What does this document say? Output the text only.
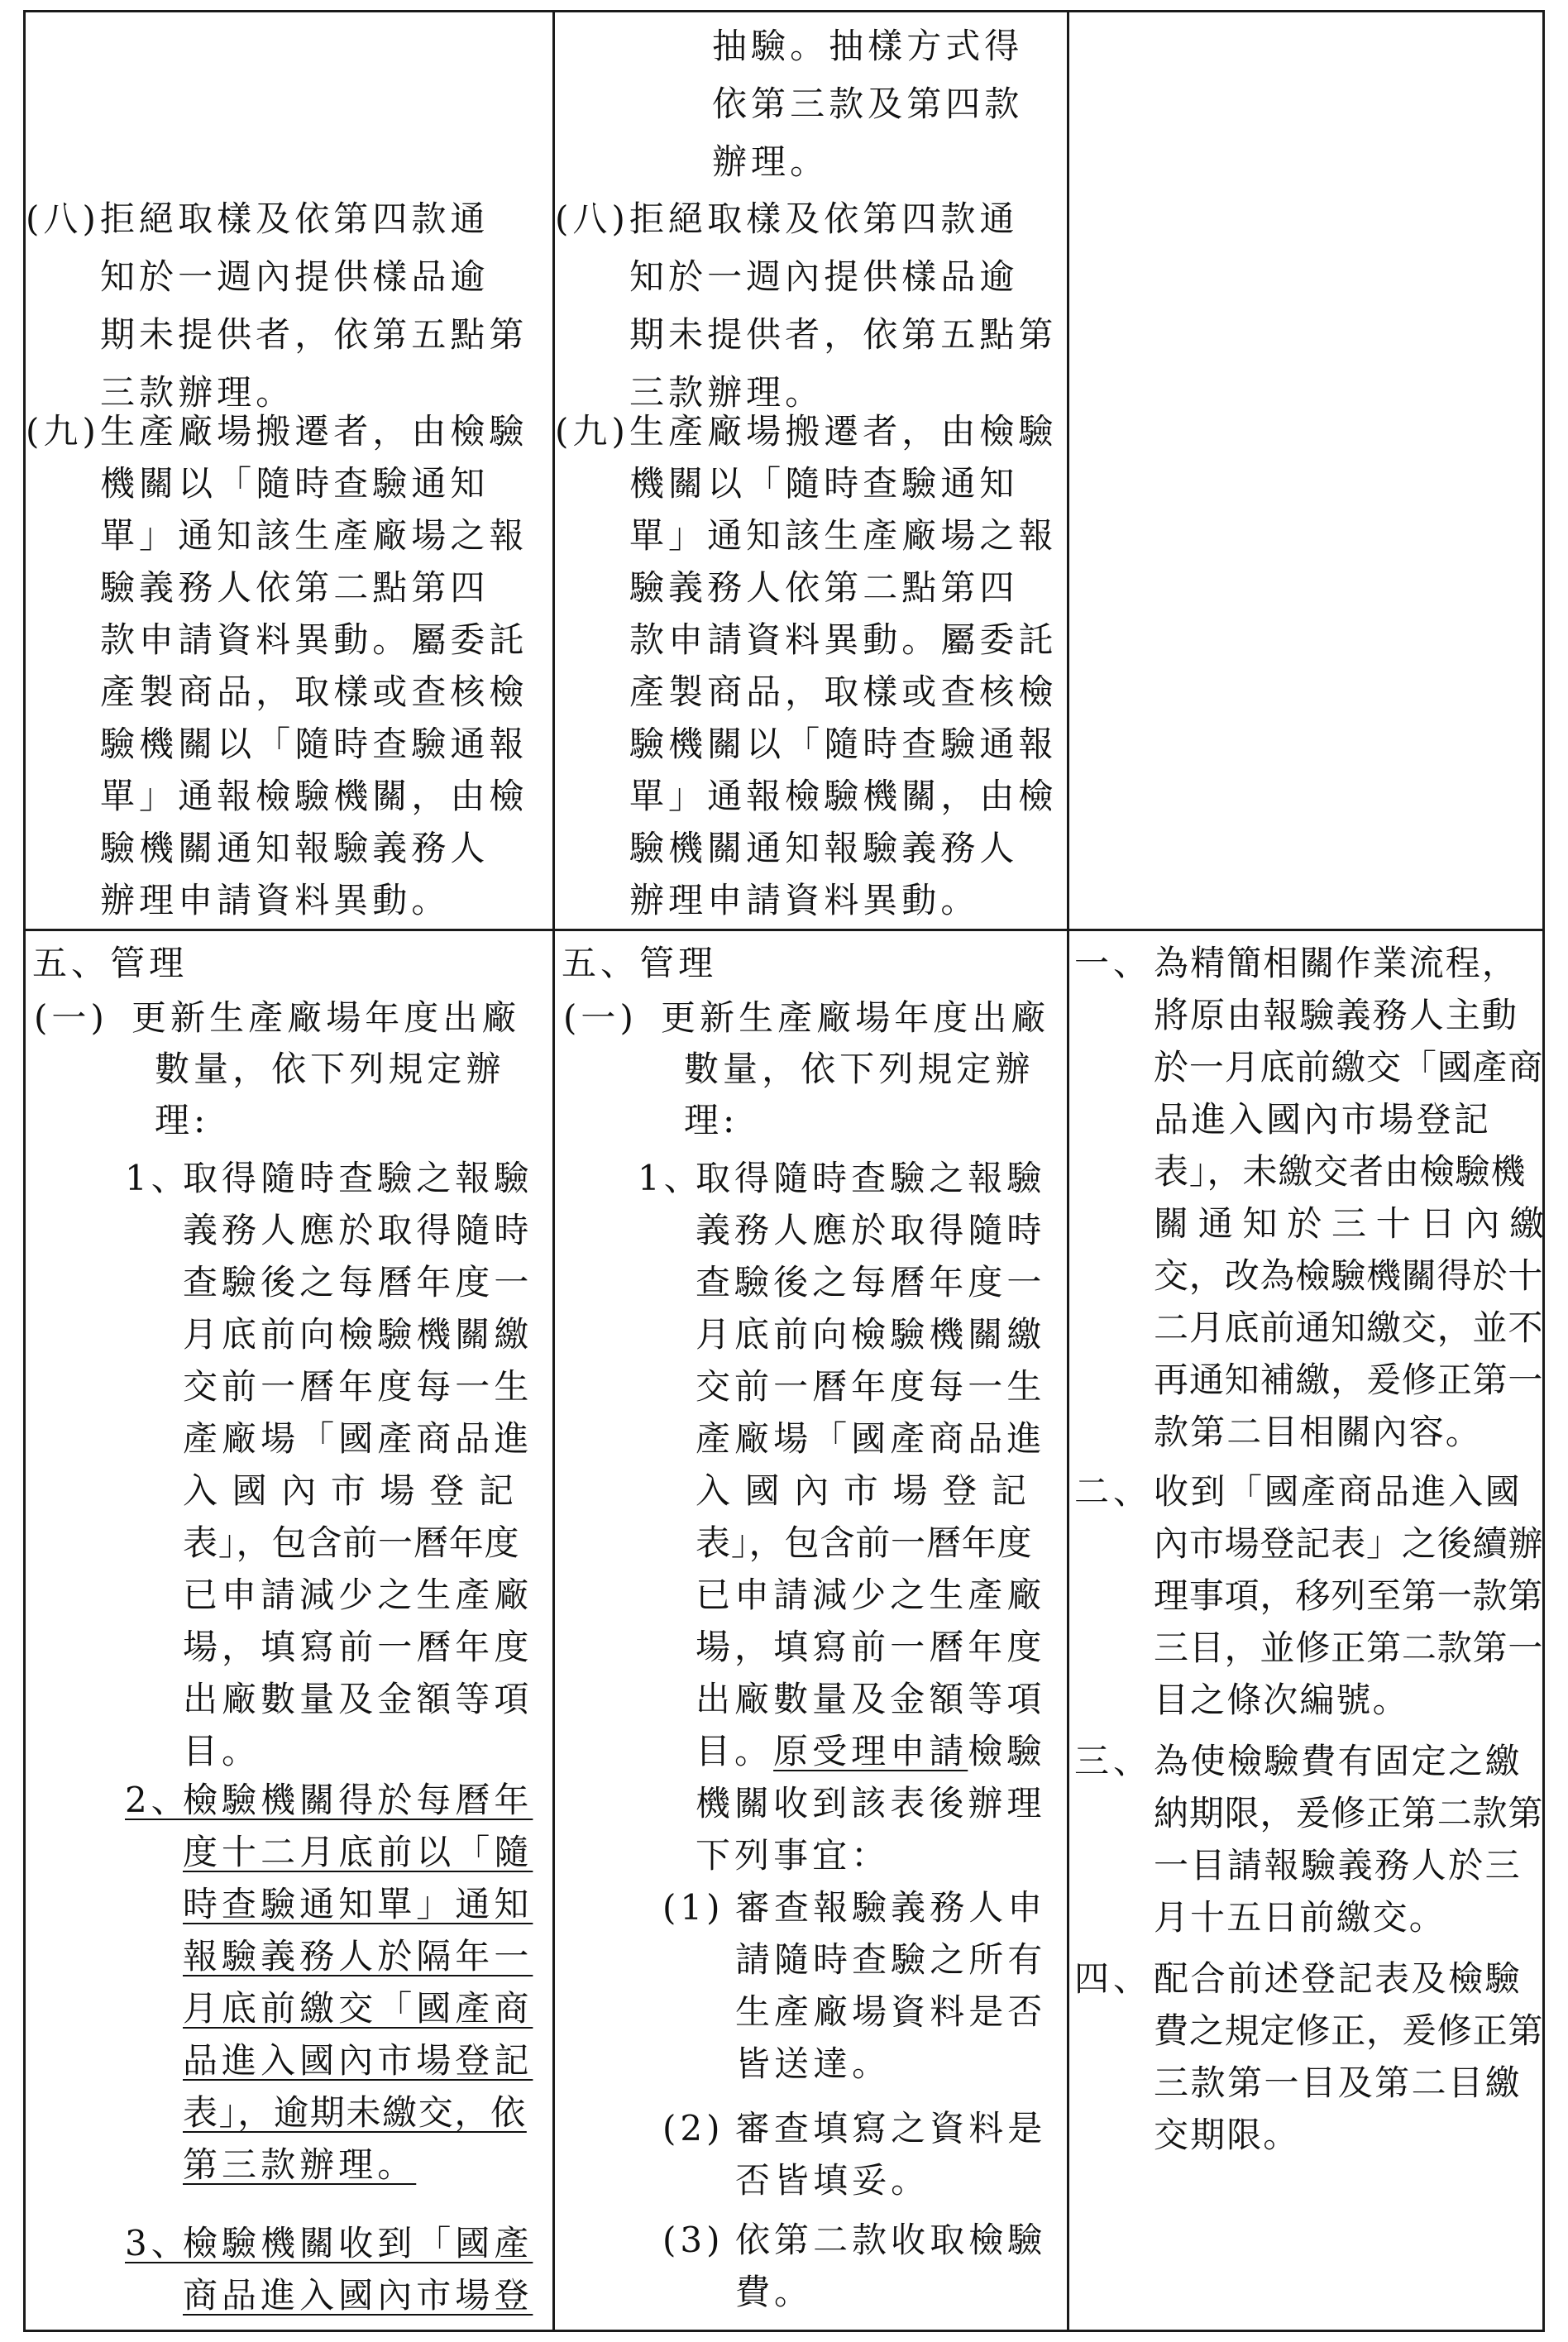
(八) 拒絕取樣及依第四款通
知於一週內提供樣品逾
期未提供者，依第五點第
三款辦理。
(九) 生產廠場搬遷者，由檢驗
機關以「隨時查驗通知
單」通知該生產廠場之報
驗義務人依第二點第四
款申請資料異動。屬委託
產製商品，取樣或查核檢
驗機關以「隨時查驗通報
單」通報檢驗機關，由檢
驗機關通知報驗義務人
辦理申請資料異動。
抽驗。抽樣方式得
依第三款及第四款
辦理。
(八) 拒絕取樣及依第四款通
知於一週內提供樣品逾
期未提供者，依第五點第
三款辦理。
(九) 生產廠場搬遷者，由檢驗
機關以「隨時查驗通知
單」通知該生產廠場之報
驗義務人依第二點第四
款申請資料異動。屬委託
產製商品，取樣或查核檢
驗機關以「隨時查驗通報
單」通報檢驗機關，由檢
驗機關通知報驗義務人
辦理申請資料異動。
五、管理
(一) 更新生產廠場年度出廠
數量，依下列規定辦
理:
1、
取得隨時查驗之報驗
義務人應於取得隨時
查驗後之每曆年度一
月底前向檢驗機關繳
交前一曆年度每一生
產廠場「國產商品進
入國內市場登記
表」，包含前一曆年度
已申請減少之生產廠
場，填寫前一曆年度
出廠數量及金額等項
目。
2、
檢驗機關得於每曆年
度十二月底前以「隨
時查驗通知單」通知
報驗義務人於隔年一
月底前繳交「國產商
品進入國內市場登記
表」，逾期未繳交，依
第三款辦理。
3、
檢驗機關收到「國產
商品進入國內市場登
五、管理
(一) 更新生產廠場年度出廠
數量，依下列規定辦
理:
1、
取得隨時查驗之報驗
義務人應於取得隨時
查驗後之每曆年度一
月底前向檢驗機關繳
交前一曆年度每一生
產廠場「國產商品進
入國內市場登記
表」，包含前一曆年度
已申請減少之生產廠
場，填寫前一曆年度
出廠數量及金額等項
目。原受理申請檢驗
機關收到該表後辦理
下列事宜：
(1) 審查報驗義務人申
請隨時查驗之所有
生產廠場資料是否
皆送達。
(2) 審查填寫之資料是
否皆填妥。
(3) 依第二款收取檢驗
費。
一、 為精簡相關作業流程，
將原由報驗義務人主動
於一月底前繳交「國產商
品進入國內市場登記
表」，未繳交者由檢驗機
關通知於三十日內繳
交，改為檢驗機關得於十
二月底前通知繳交，並不
再通知補繳，爰修正第一
款第二目相關內容。
二、 收到「國產商品進入國
內市場登記表」之後續辦
理事項，移列至第一款第
三目，並修正第二款第一
目之條次編號。
三、 為使檢驗費有固定之繳
納期限，爰修正第二款第
一目請報驗義務人於三
月十五日前繳交。
四、 配合前述登記表及檢驗
費之規定修正，爰修正第
三款第一目及第二目繳
交期限。
